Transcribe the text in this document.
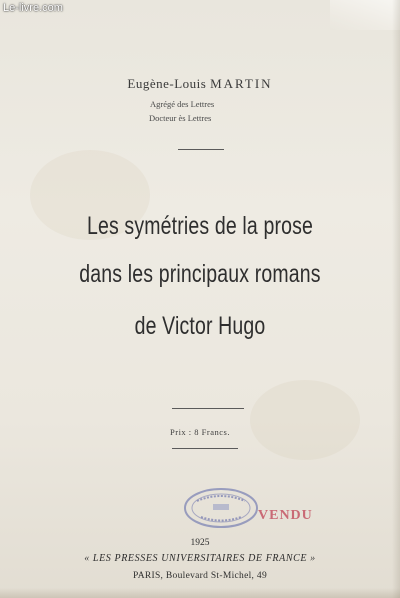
Le-livre.com
Eugène-Louis MARTIN
Agrégé des Lettres
Docteur ès Lettres
Les symétries de la prose
dans les principaux romans
de Victor Hugo
Prix : 8 Francs.
VENDU
1925
« LES PRESSES UNIVERSITAIRES DE FRANCE »
PARIS, Boulevard St-Michel, 49
